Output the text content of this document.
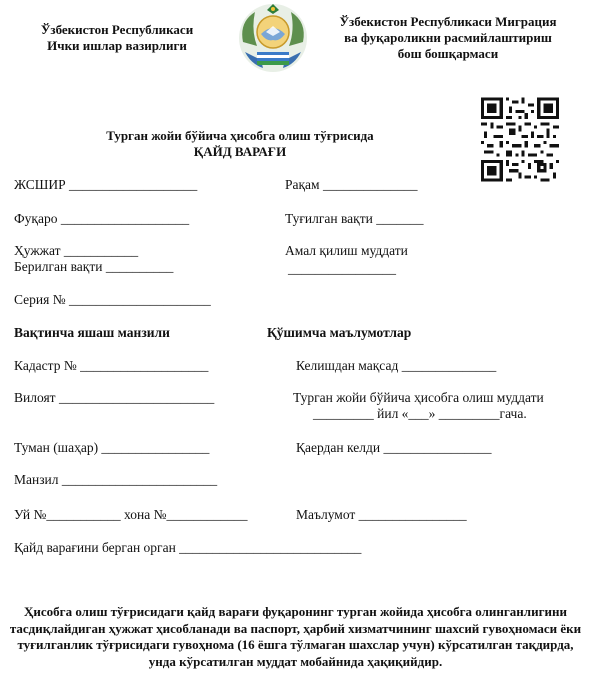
Ўзбекистон Республикаси
Ички ишлар вазирлиги
Ўзбекистон Республикаси Миграция
ва фуқароликни расмийлаштириш
бош бошқармаси
Турган жойи бўйича ҳисобга олиш тўғрисида
ҚАЙД ВАРАҒИ
ЖСШИР ___________________	Рақам ______________
Фуқаро ___________________	Туғилган вақти _______
Ҳужжат ___________	Амал қилиш муддати
Берилган вақти __________	________________
Серия № _____________________
Вақтинча яшаш манзили	Қўшимча маълумотлар
Кадастр № ___________________	Келишдан мақсад ______________
Вилоят _______________________	Турган жойи бўйича ҳисобга олиш муддати
_________ йил «___» _________гача.
Туман (шаҳар) ________________	Қаердан келди ________________
Манзил _______________________
Уй №___________ хона №____________	Маълумот ________________
Қайд варағини берган орган ___________________________
Ҳисобга олиш тўғрисидаги қайд варағи фуқаронинг турган жойида ҳисобга олинганлигини тасдиқлайдиган ҳужжат ҳисобланади ва паспорт, ҳарбий хизматчининг шахсий гувоҳномаси ёки туғилганлик тўғрисидаги гувоҳнома (16 ёшга тўлмаган шахслар учун) кўрсатилган тақдирда, унда кўрсатилган муддат мобайнида ҳақиқийдир.
